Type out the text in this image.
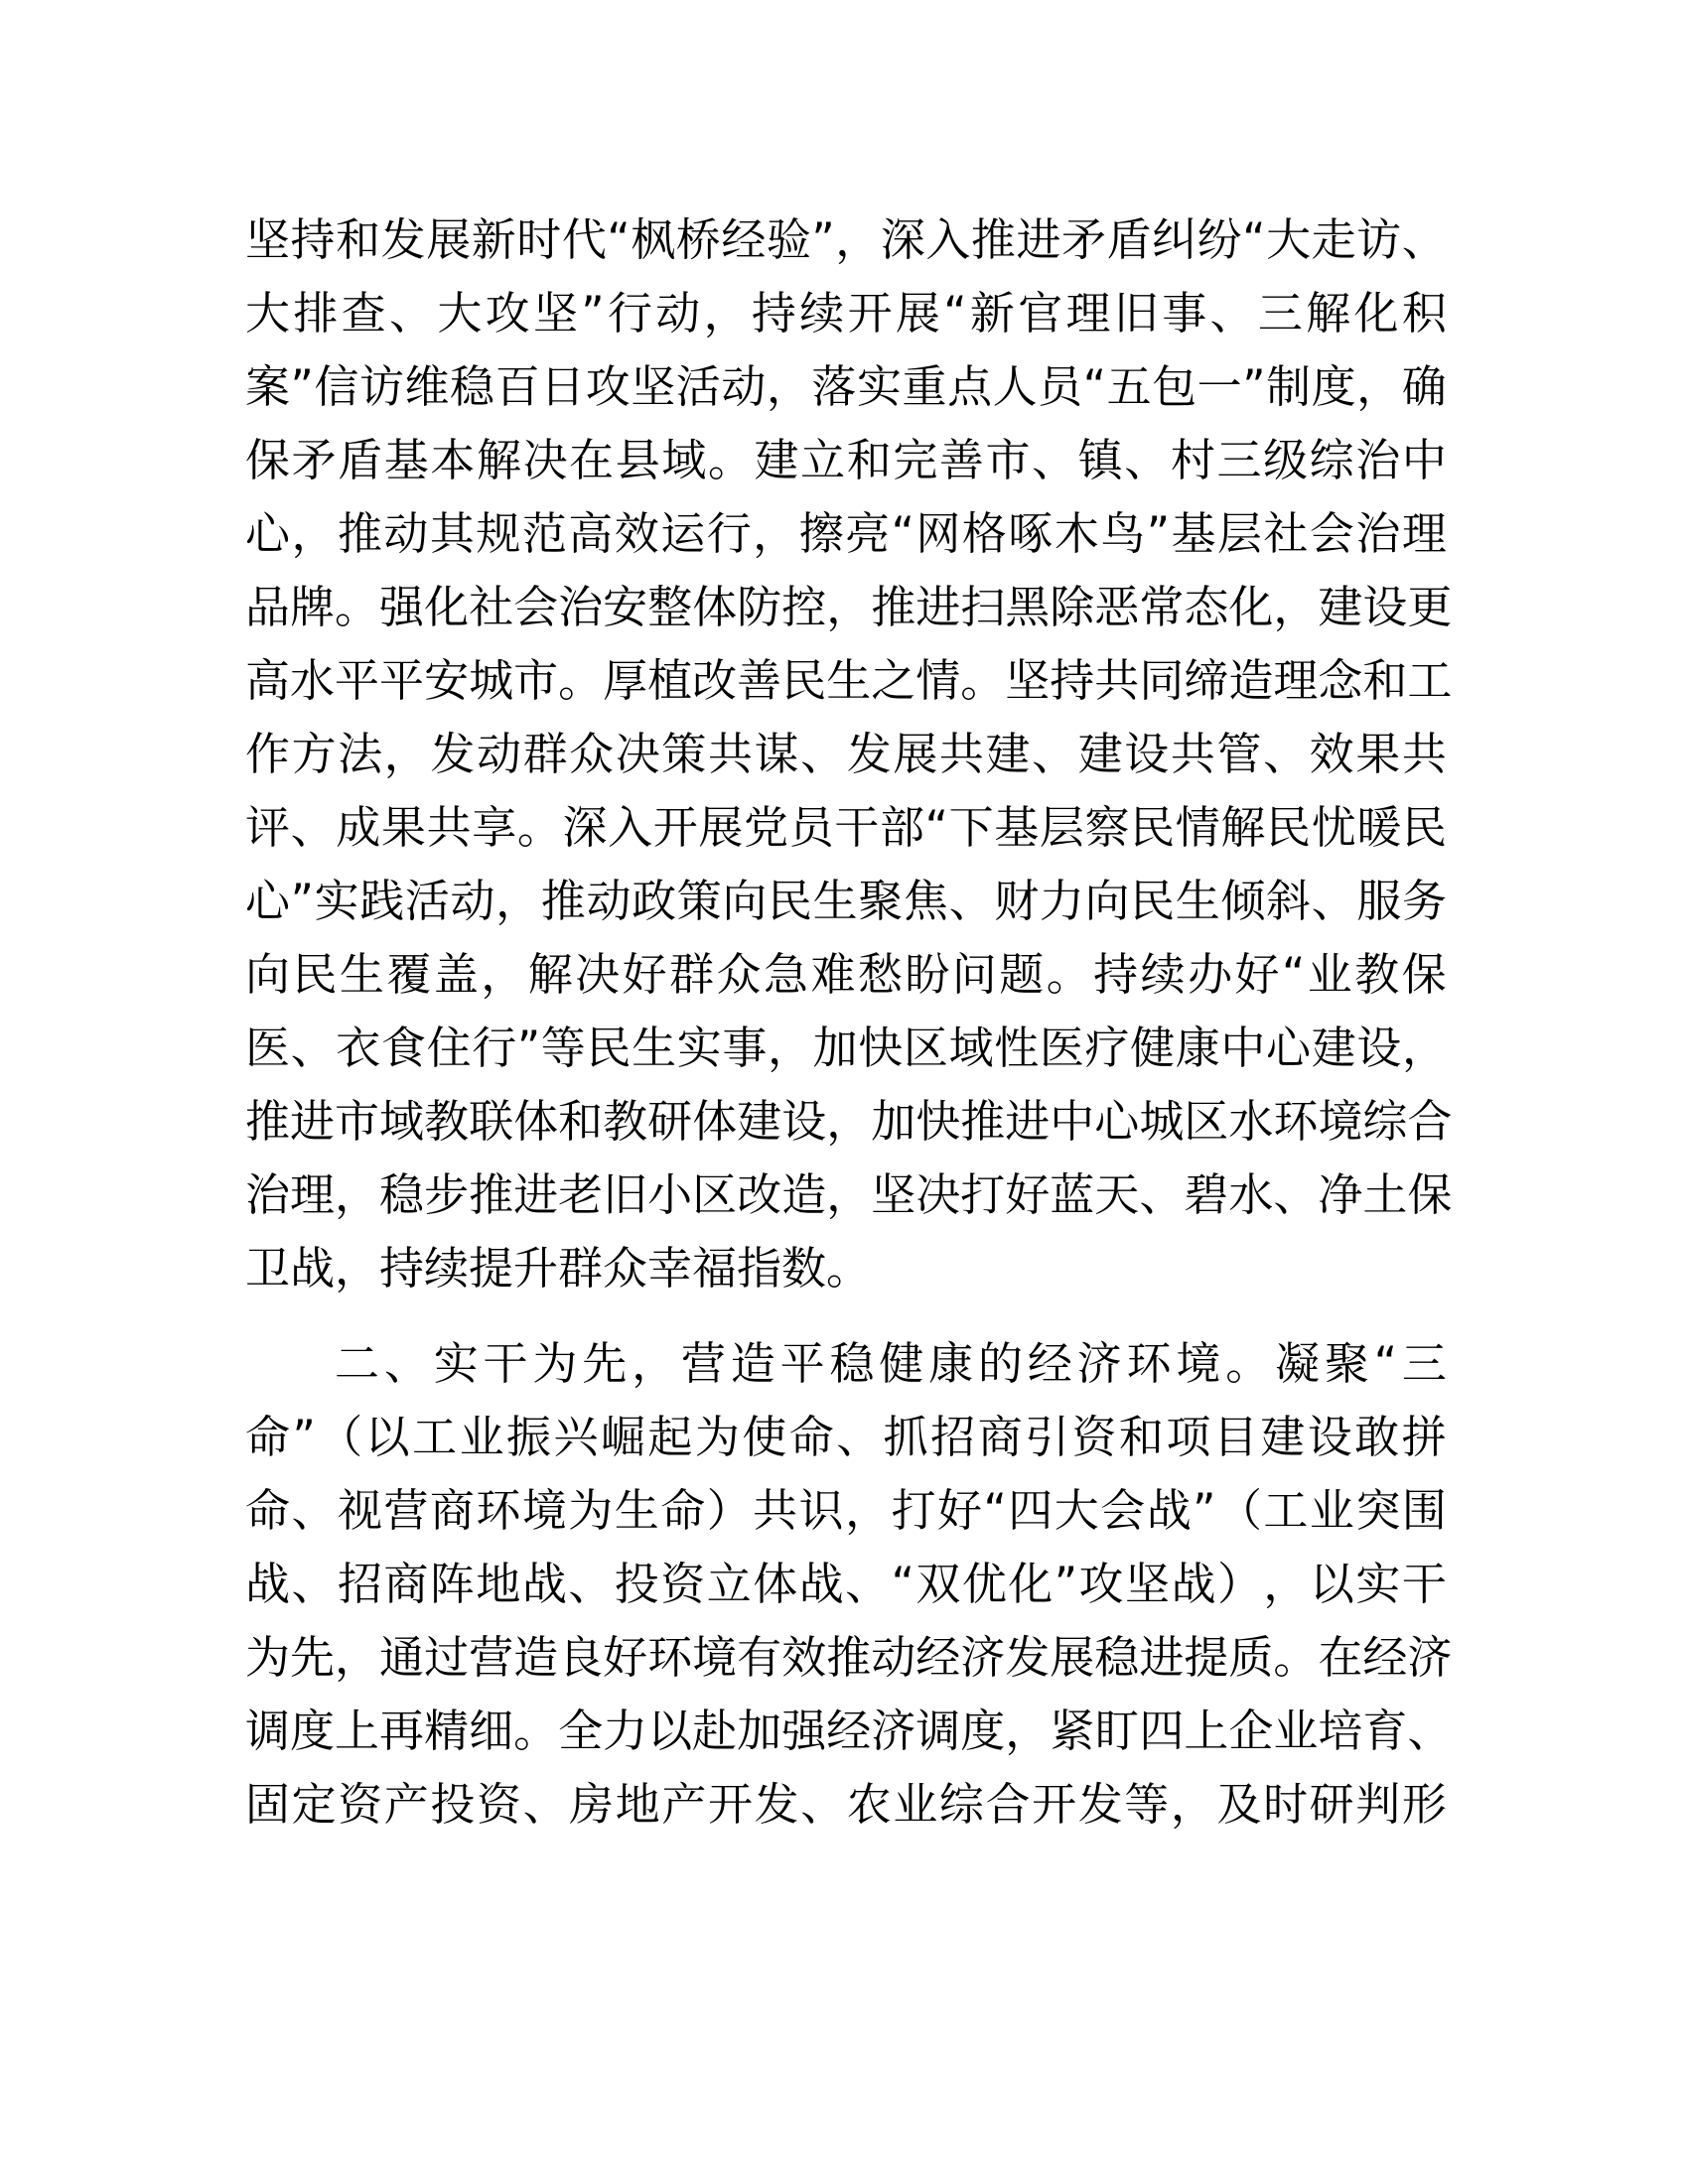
坚 持 和 发 展 新 时 代 “ 枫 桥 经 验 ” ， 深 入 推 进 矛 盾 纠 纷 “ 大 走 访 、
大 排 查 、 大 攻 坚 ” 行 动 ， 持 续 开 展 “ 新 官 理 旧 事 、 三 解 化 积
案 ” 信 访 维 稳 百 日 攻 坚 活 动 ， 落 实 重 点 人 员 “ 五 包 一 ” 制 度 ， 确
保 矛 盾 基 本 解 决 在 县 域 。 建 立 和 完 善 市 、 镇 、 村 三 级 综 治 中
心 ， 推 动 其 规 范 高 效 运 行 ， 擦 亮 “ 网 格 啄 木 鸟 ” 基 层 社 会 治 理
品 牌 。 强 化 社 会 治 安 整 体 防 控 ， 推 进 扫 黑 除 恶 常 态 化 ， 建 设 更
高 水 平 平 安 城 市 。 厚 植 改 善 民 生 之 情 。 坚 持 共 同 缔 造 理 念 和 工
作 方 法 ， 发 动 群 众 决 策 共 谋 、 发 展 共 建 、 建 设 共 管 、 效 果 共
评 、 成 果 共 享 。 深 入 开 展 党 员 干 部 “ 下 基 层 察 民 情 解 民 忧 暖 民
心 ” 实 践 活 动 ， 推 动 政 策 向 民 生 聚 焦 、 财 力 向 民 生 倾 斜 、 服 务
向 民 生 覆 盖 ， 解 决 好 群 众 急 难 愁 盼 问 题 。 持 续 办 好 “ 业 教 保
医 、 衣 食 住 行 ” 等 民 生 实 事 ， 加 快 区 域 性 医 疗 健 康 中 心 建 设 ，
推 进 市 域 教 联 体 和 教 研 体 建 设 ， 加 快 推 进 中 心 城 区 水 环 境 综 合
治 理 ， 稳 步 推 进 老 旧 小 区 改 造 ， 坚 决 打 好 蓝 天 、 碧 水 、 净 土 保
卫战，持续提升群众幸福指数。
二 、 实 干 为 先 ， 营 造 平 稳 健 康 的 经 济 环 境 。 凝 聚 “ 三
命 ” （ 以 工 业 振 兴 崛 起 为 使 命 、 抓 招 商 引 资 和 项 目 建 设 敢 拼
命 、 视 营 商 环 境 为 生 命 ） 共 识 ， 打 好 “ 四 大 会 战 ” （ 工 业 突 围
战 、 招 商 阵 地 战 、 投 资 立 体 战 、 “ 双 优 化 ” 攻 坚 战 ） ， 以 实 干
为 先 ， 通 过 营 造 良 好 环 境 有 效 推 动 经 济 发 展 稳 进 提 质 。 在 经 济
调 度 上 再 精 细 。 全 力 以 赴 加 强 经 济 调 度 ， 紧 盯 四 上 企 业 培 育 、
固 定 资 产 投 资 、 房 地 产 开 发 、 农 业 综 合 开 发 等 ， 及 时 研 判 形
